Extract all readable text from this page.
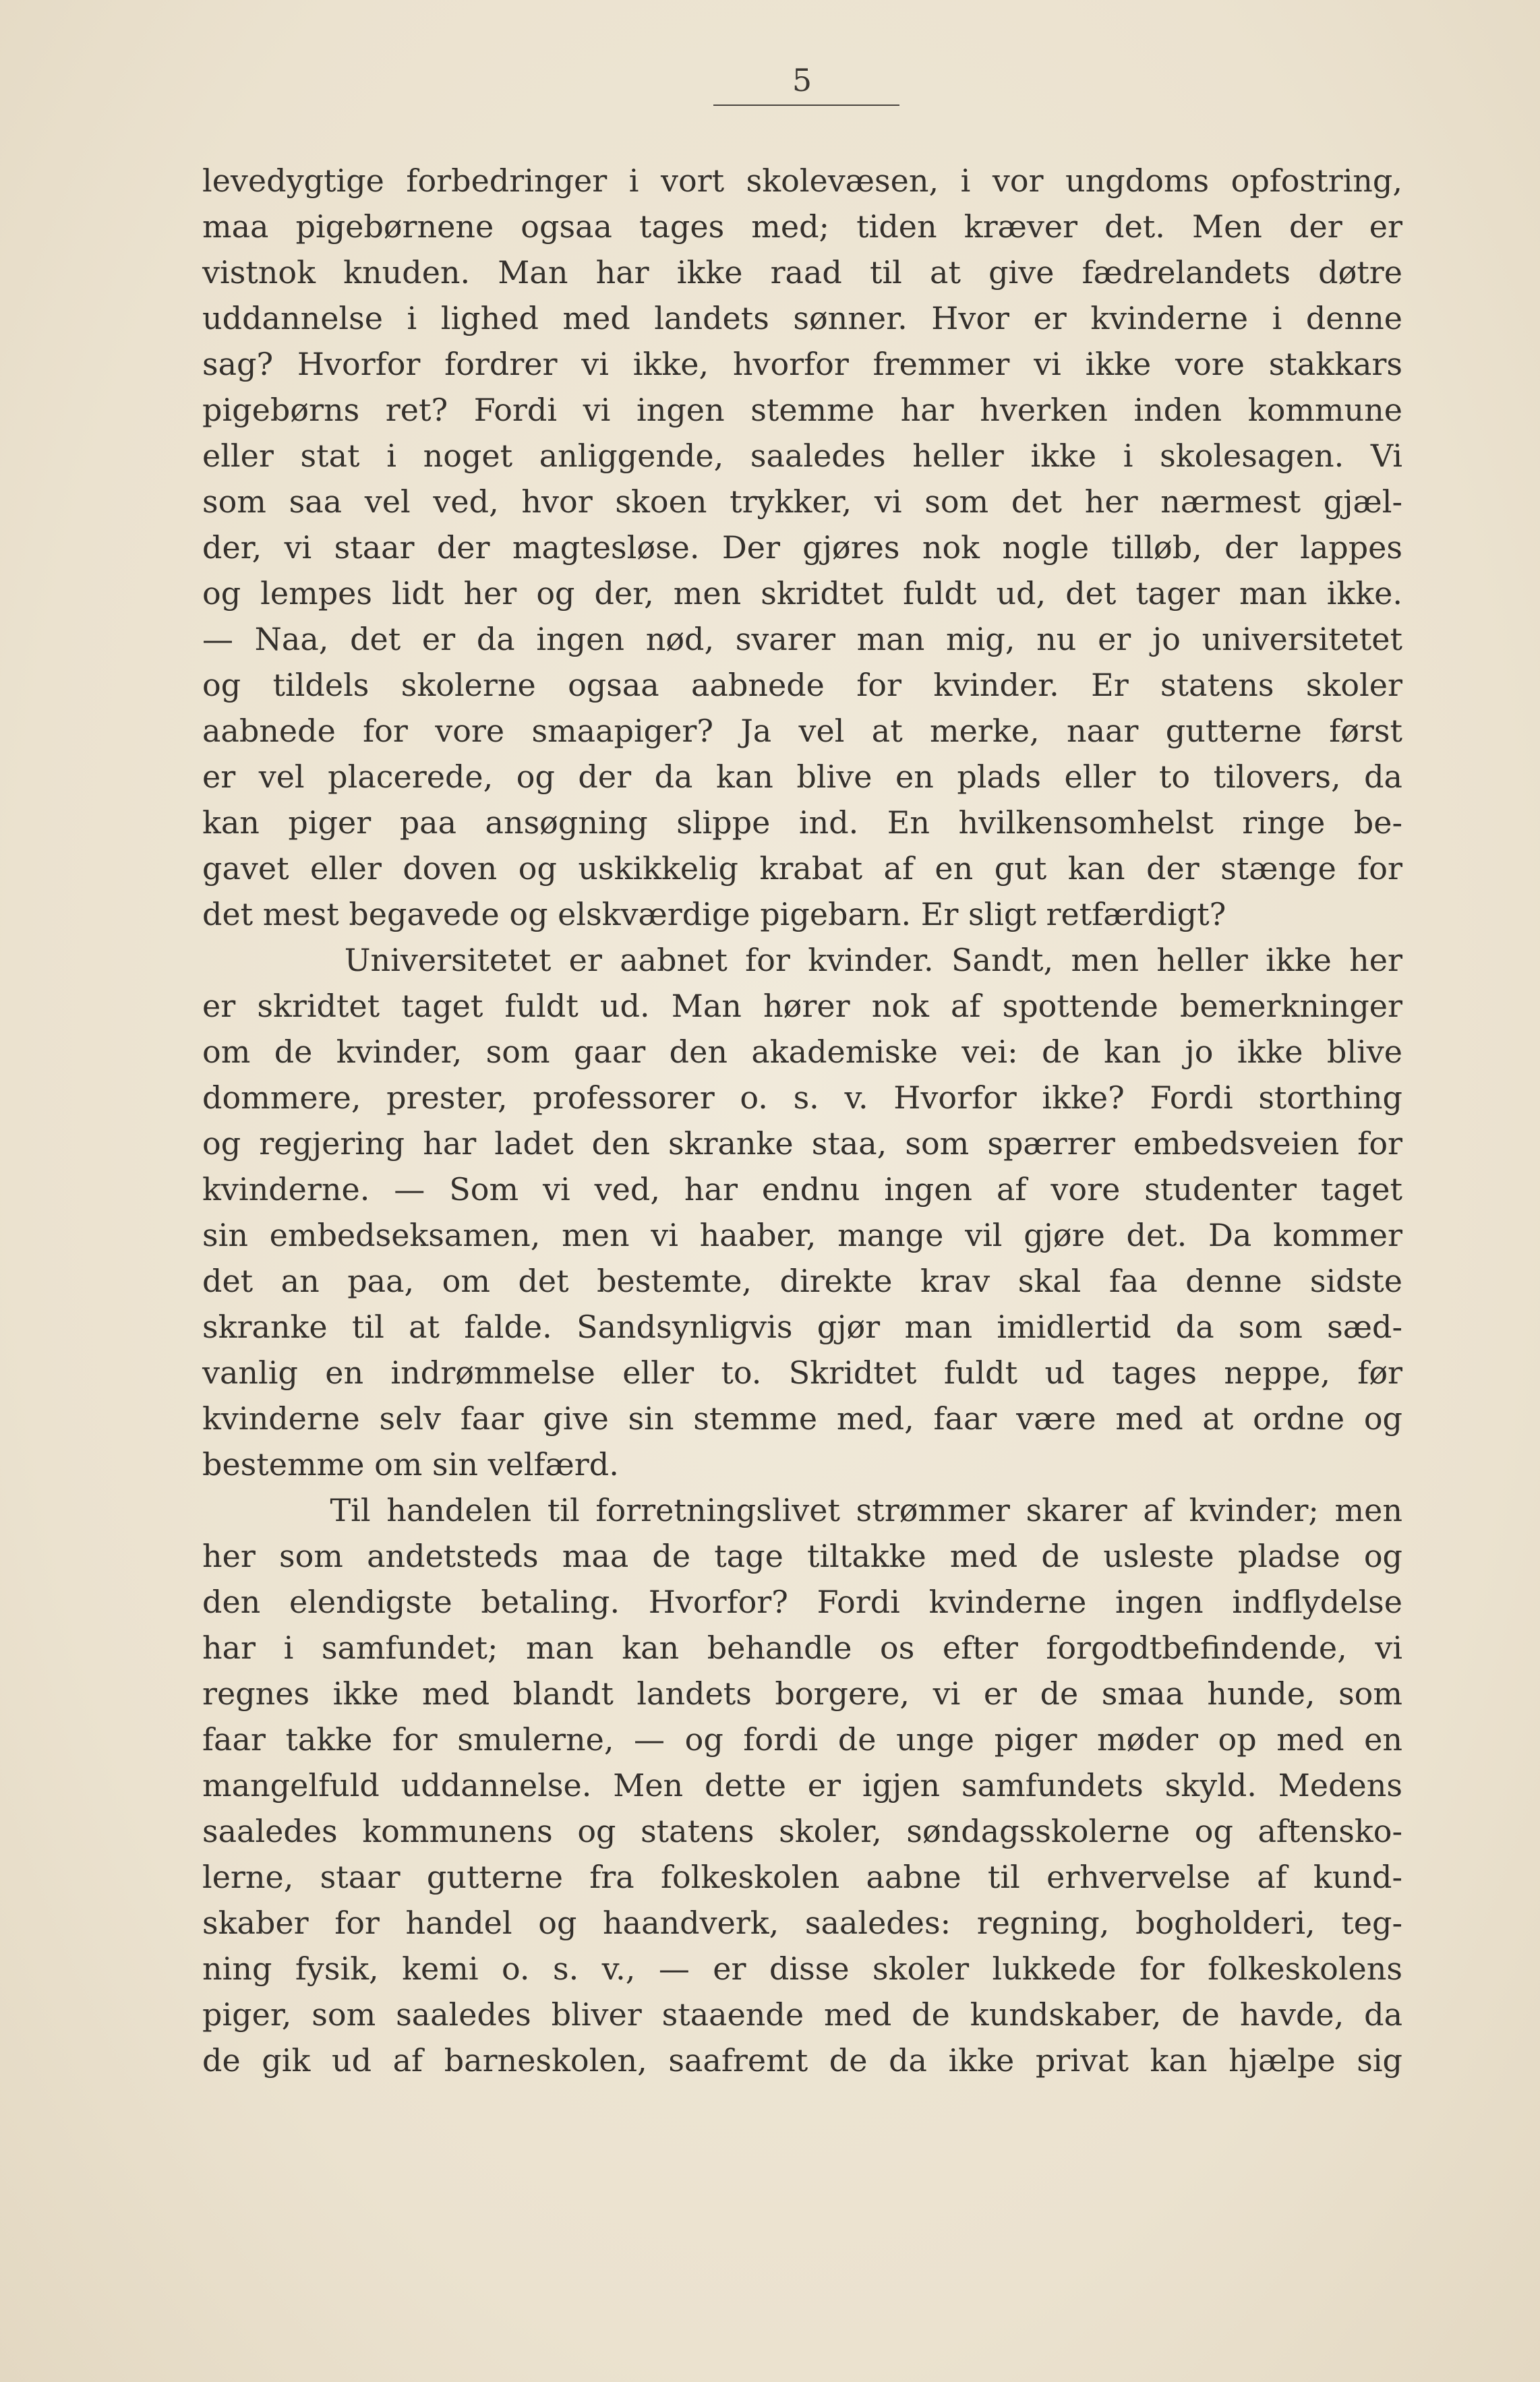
5
levedygtige forbedringer i vort skolevæsen, i vor ungdoms opfostring,
maa pigebørnene ogsaa tages med; tiden kræver det. Men der er
vistnok knuden. Man har ikke raad til at give fædrelandets døtre
uddannelse i lighed med landets sønner. Hvor er kvinderne i denne
sag? Hvorfor fordrer vi ikke, hvorfor fremmer vi ikke vore stakkars
pigebørns ret? Fordi vi ingen stemme har hverken inden kommune
eller stat i noget anliggende, saaledes heller ikke i skolesagen. Vi
som saa vel ved, hvor skoen trykker, vi som det her nærmest gjæl-
der, vi staar der magtesløse. Der gjøres nok nogle tilløb, der lappes
og lempes lidt her og der, men skridtet fuldt ud, det tager man ikke.
— Naa, det er da ingen nød, svarer man mig, nu er jo universitetet
og tildels skolerne ogsaa aabnede for kvinder. Er statens skoler
aabnede for vore smaapiger? Ja vel at merke, naar gutterne først
er vel placerede, og der da kan blive en plads eller to tilovers, da
kan piger paa ansøgning slippe ind. En hvilkensomhelst ringe be-
gavet eller doven og uskikkelig krabat af en gut kan der stænge for
det mest begavede og elskværdige pigebarn. Er sligt retfærdigt?
Universitetet er aabnet for kvinder. Sandt, men heller ikke her
er skridtet taget fuldt ud. Man hører nok af spottende bemerkninger
om de kvinder, som gaar den akademiske vei: de kan jo ikke blive
dommere, prester, professorer o. s. v. Hvorfor ikke? Fordi storthing
og regjering har ladet den skranke staa, som spærrer embedsveien for
kvinderne. — Som vi ved, har endnu ingen af vore studenter taget
sin embedseksamen, men vi haaber, mange vil gjøre det. Da kommer
det an paa, om det bestemte, direkte krav skal faa denne sidste
skranke til at falde. Sandsynligvis gjør man imidlertid da som sæd-
vanlig en indrømmelse eller to. Skridtet fuldt ud tages neppe, før
kvinderne selv faar give sin stemme med, faar være med at ordne og
bestemme om sin velfærd.
Til handelen til forretningslivet strømmer skarer af kvinder; men
her som andetsteds maa de tage tiltakke med de usleste pladse og
den elendigste betaling. Hvorfor? Fordi kvinderne ingen indflydelse
har i samfundet; man kan behandle os efter forgodtbefindende, vi
regnes ikke med blandt landets borgere, vi er de smaa hunde, som
faar takke for smulerne, — og fordi de unge piger møder op med en
mangelfuld uddannelse. Men dette er igjen samfundets skyld. Medens
saaledes kommunens og statens skoler, søndagsskolerne og aftensko-
lerne, staar gutterne fra folkeskolen aabne til erhvervelse af kund-
skaber for handel og haandverk, saaledes: regning, bogholderi, teg-
ning fysik, kemi o. s. v., — er disse skoler lukkede for folkeskolens
piger, som saaledes bliver staaende med de kundskaber, de havde, da
de gik ud af barneskolen, saafremt de da ikke privat kan hjælpe sig
